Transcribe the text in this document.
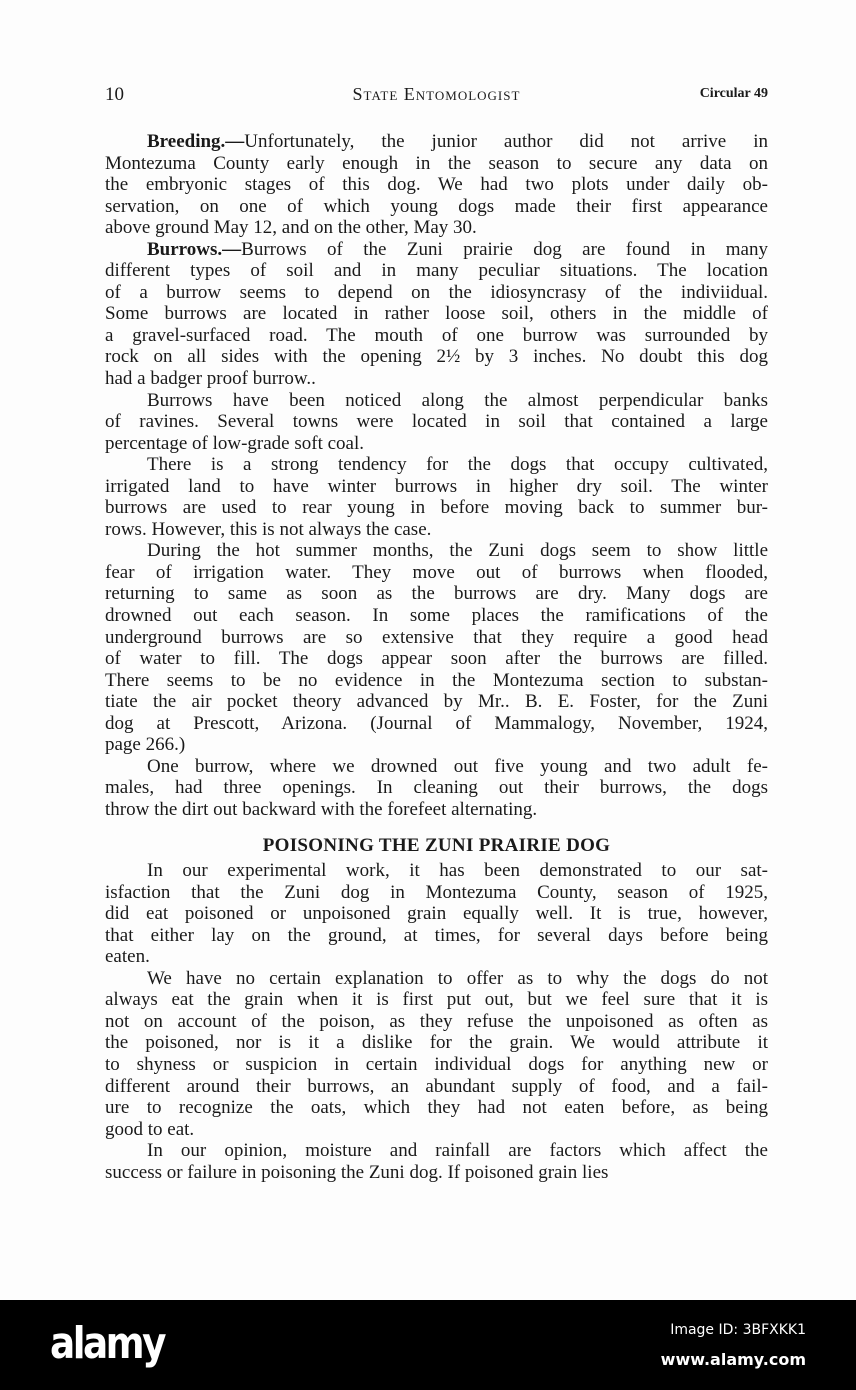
10	State Entomologist	Circular 49
Breeding.—Unfortunately, the junior author did not arrive in
Montezuma County early enough in the season to secure any data on
the embryonic stages of this dog. We had two plots under daily ob-
servation, on one of which young dogs made their first appearance
above ground May 12, and on the other, May 30.
Burrows.—Burrows of the Zuni prairie dog are found in many
different types of soil and in many peculiar situations. The location
of a burrow seems to depend on the idiosyncrasy of the indiviidual.
Some burrows are located in rather loose soil, others in the middle of
a gravel-surfaced road. The mouth of one burrow was surrounded by
rock on all sides with the opening 2½ by 3 inches. No doubt this dog
had a badger proof burrow..
Burrows have been noticed along the almost perpendicular banks
of ravines. Several towns were located in soil that contained a large
percentage of low-grade soft coal.
There is a strong tendency for the dogs that occupy cultivated,
irrigated land to have winter burrows in higher dry soil. The winter
burrows are used to rear young in before moving back to summer bur-
rows. However, this is not always the case.
During the hot summer months, the Zuni dogs seem to show little
fear of irrigation water. They move out of burrows when flooded,
returning to same as soon as the burrows are dry. Many dogs are
drowned out each season. In some places the ramifications of the
underground burrows are so extensive that they require a good head
of water to fill. The dogs appear soon after the burrows are filled.
There seems to be no evidence in the Montezuma section to substan-
tiate the air pocket theory advanced by Mr.. B. E. Foster, for the Zuni
dog at Prescott, Arizona. (Journal of Mammalogy, November, 1924,
page 266.)
One burrow, where we drowned out five young and two adult fe-
males, had three openings. In cleaning out their burrows, the dogs
throw the dirt out backward with the forefeet alternating.
POISONING THE ZUNI PRAIRIE DOG
In our experimental work, it has been demonstrated to our sat-
isfaction that the Zuni dog in Montezuma County, season of 1925,
did eat poisoned or unpoisoned grain equally well. It is true, however,
that either lay on the ground, at times, for several days before being
eaten.
We have no certain explanation to offer as to why the dogs do not
always eat the grain when it is first put out, but we feel sure that it is
not on account of the poison, as they refuse the unpoisoned as often as
the poisoned, nor is it a dislike for the grain. We would attribute it
to shyness or suspicion in certain individual dogs for anything new or
different around their burrows, an abundant supply of food, and a fail-
ure to recognize the oats, which they had not eaten before, as being
good to eat.
In our opinion, moisture and rainfall are factors which affect the
success or failure in poisoning the Zuni dog. If poisoned grain lies
alamy	Image ID: 3BFXKK1
www.alamy.com
